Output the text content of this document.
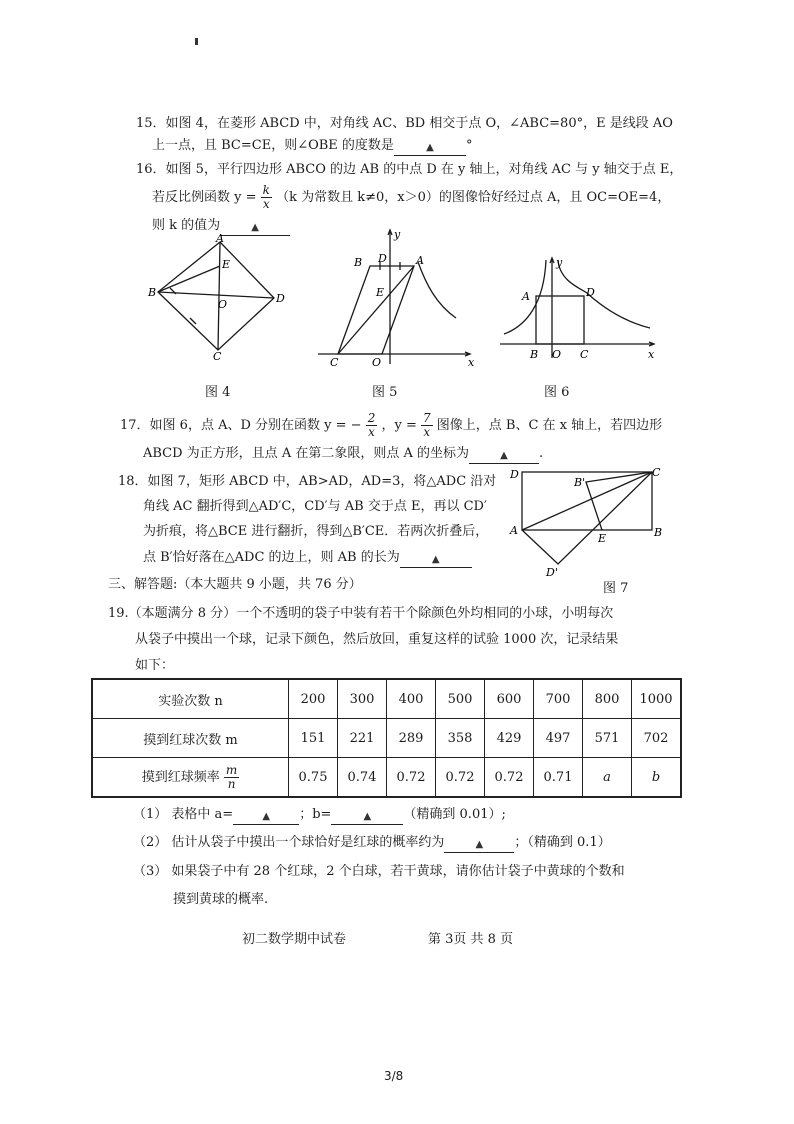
15．如图 4，在菱形 ABCD 中，对角线 AC、BD 相交于点 O，∠ABC=80°，E 是线段 AO
上一点，且 BC=CE，则∠OBE 的度数是	▲ °
16．如图 5，平行四边形 ABCO 的边 AB 的中点 D 在 y 轴上，对角线 AC 与 y 轴交于点 E，
若反比例函数 $y = \frac{k}{x} (k$ 为常数且 k≠0，x＞0）的图像恰好经过点 A，且 OC=OE=4，
则 k 的值为	▲
A
B
C
D
E
O
图 4
y
x
A
B
C
D
E
O
图 5
y
x
A	D
B O C
图 6
17．如图 6，点 A、D 分别在函数 y = − $\frac{2}{x}$ ，$y = \frac{7}{x}$ 图像上，点 B、C 在 x 轴上，若四边形
ABCD 为正方形，且点 A 在第二象限，则点 A 的坐标为	▲ .
18．如图 7，矩形 ABCD 中，AB>AD，AD=3，将△ADC 沿对
角线 AC 翻折得到△AD′C，CD′与 AB 交于点 E，再以 CD′
为折痕，将△BCE 进行翻折，得到△B′CE．若两次折叠后，
点 B′恰好落在△ADC 的边上，则 AB 的长为	▲
D	C
A	B
E
B'
D'
图 7
三、解答题:（本大题共 9 小题，共 76 分）
19.（本题满分 8 分）一个不透明的袋子中装有若干个除颜色外均相同的小球，小明每次
从袋子中摸出一个球，记录下颜色，然后放回，重复这样的试验 1000 次，记录结果
如下：
实验次数 n	200	300	400	500	600	700	800	1000
摸到红球次数 m	151	221	289	358	429	497	571	702
摸到红球频率 $\frac{m}{n}$	0.75	0.74	0.72	0.72	0.72	0.71	a	b
（1） 表格中 a=	▲ ；b=	▲ （精确到 0.01）;
（2） 估计从袋子中摸出一个球恰好是红球的概率约为	▲ ；（精确到 0.1）
（3） 如果袋子中有 28 个红球，2 个白球，若干黄球，请你估计袋子中黄球的个数和
摸到黄球的概率.
初二数学期中试卷	第 3页 共 8 页
3/8
